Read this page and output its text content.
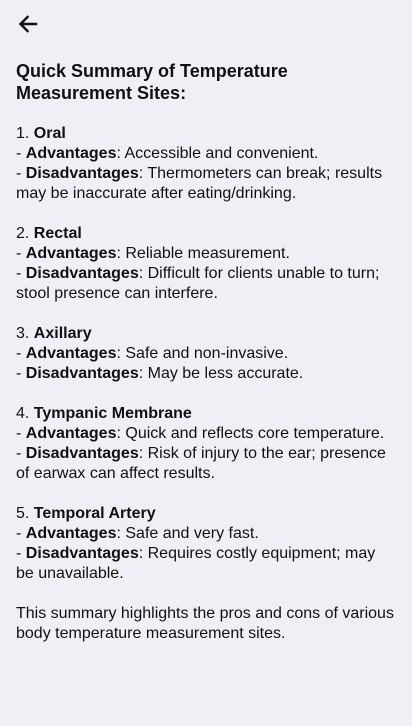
Quick Summary of Temperature Measurement Sites:

1. Oral

- Advantages: Accessible and convenient.

- Disadvantages: Thermometers can break; results may be inaccurate after eating/drinking.

2. Rectal

- Advantages: Reliable measurement.

- Disadvantages: Difficult for clients unable to turn; stool presence can interfere.

3. Axillary

- Advantages: Safe and non-invasive.

- Disadvantages: May be less accurate.

4. Tympanic Membrane

- Advantages: Quick and reflects core temperature.

- Disadvantages: Risk of injury to the ear; presence of earwax can affect results.

5. Temporal Artery

- Advantages: Safe and very fast.

- Disadvantages: Requires costly equipment; may be unavailable.

This summary highlights the pros and cons of various body temperature measurement sites.
